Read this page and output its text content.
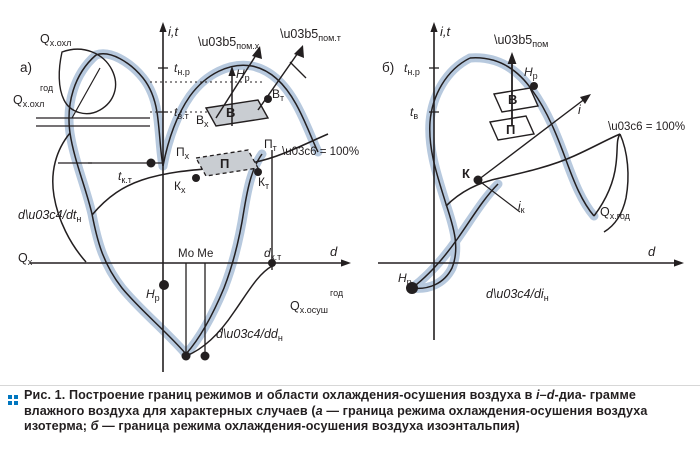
а)
i,t
d
$Q_{х.охл}$
год
$Q_{х.охл}$
$\backslash u03b5_{пом.х}$
$\backslash u03b5_{пом.т}$
$t_{н.р}$
$t_{в.т}$
$t_{к.т}$
$H_р$
В
$В_х$
$В_т$
П
$П_х$
$П_т$
$К_х$
$К_т$
\u03c6 = 100%
$d\backslash u03c4/dt_н$
$Q_х$
Мо Ме	$d_{к.т}$
$H_р$	год
$Q_{х.осуш}$
$d\backslash u03c4/dd_н$
б)
i,t
d
$\backslash u03b5_{пом}$
$t_{н.р}$
$t_в$
$H_р$
В
П
К
i
$i_к$
\u03c6 = 100%
$Q_{х.год}$
$d\backslash u03c4/di_н$
$H_р$
Рис. 1. Построение границ режимов и области охлаждения-осушения воздуха в i–d-диа- грамме влажного воздуха для характерных случаев (а — граница режима охлаждения-осушения воздуха изотерма; б — граница режима охлаждения-осушения воздуха изоэнтальпия)
